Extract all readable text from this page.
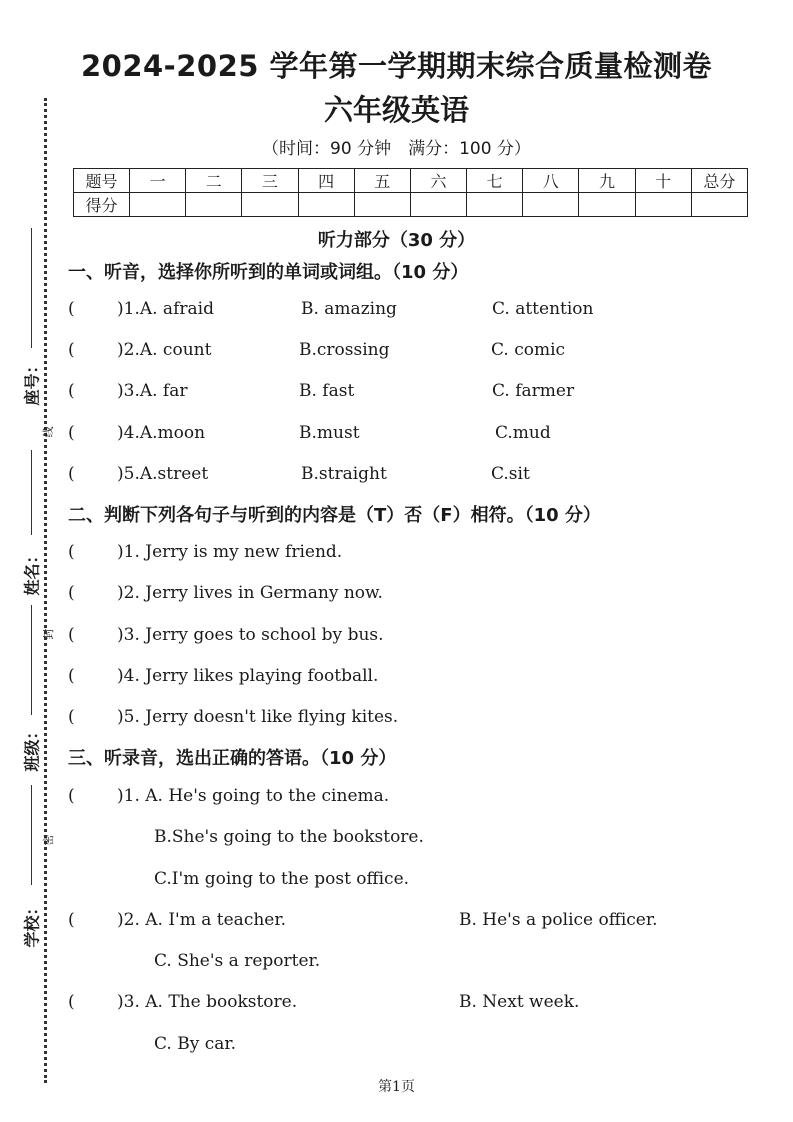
座号：
姓名：
班级：
学校：
线
封
密
2024-2025 学年第一学期期末综合质量检测卷
六年级英语
（时间：90 分钟　满分：100 分）
题号	一	二	三	四	五	六	七	八	九	十	总分
得分											
听力部分（30 分）
一、听音，选择你所听到的单词或词组。（10 分）
( )1.A. afraid	B. amazing	C. attention
( )2.A. count	B.crossing	C. comic
( )3.A. far	B. fast	C. farmer
( )4.A.moon	B.must	C.mud
( )5.A.street	B.straight	C.sit
二、判断下列各句子与听到的内容是（T）否（F）相符。（10 分）
( )1. Jerry is my new friend.
( )2. Jerry lives in Germany now.
( )3. Jerry goes to school by bus.
( )4. Jerry likes playing football.
( )5. Jerry doesn't like flying kites.
三、听录音，选出正确的答语。（10 分）
( )1. A. He's going to the cinema.
B.She's going to the bookstore.
C.I'm going to the post office.
( )2. A. I'm a teacher.	B. He's a police officer.
C. She's a reporter.
( )3. A. The bookstore.	B. Next week.
C. By car.
第1页
